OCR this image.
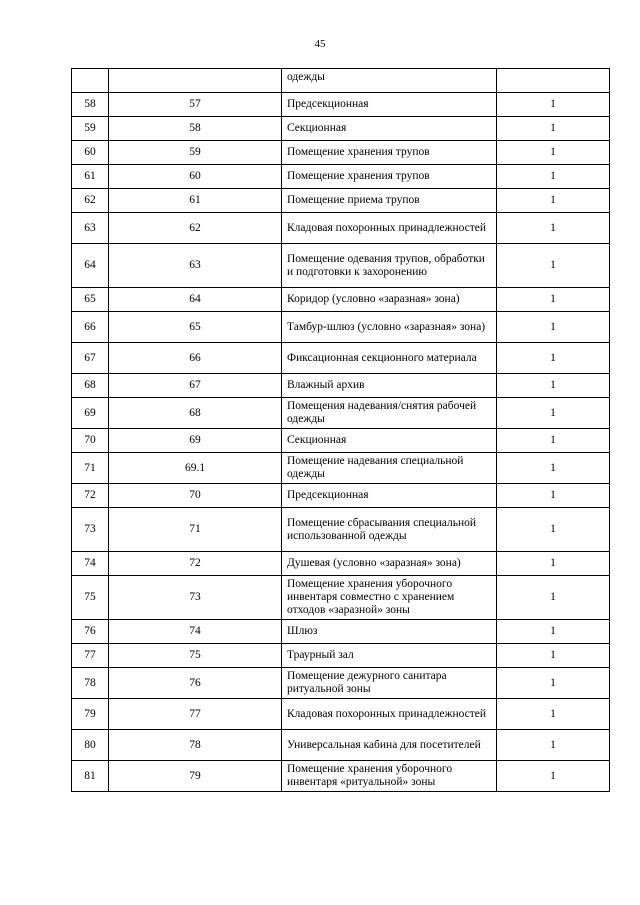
45
		одежды	
58	57	Предсекционная	1
59	58	Секционная	1
60	59	Помещение хранения трупов	1
61	60	Помещение хранения трупов	1
62	61	Помещение приема трупов	1
63	62	Кладовая похоронных принадлежностей	1
64	63	Помещение одевания трупов, обработки и подготовки к захоронению	1
65	64	Коридор (условно «заразная» зона)	1
66	65	Тамбур-шлюз (условно «заразная» зона)	1
67	66	Фиксационная секционного материала	1
68	67	Влажный архив	1
69	68	Помещения надевания/снятия рабочей одежды	1
70	69	Секционная	1
71	69.1	Помещение надевания специальной одежды	1
72	70	Предсекционная	1
73	71	Помещение сбрасывания специальной использованной одежды	1
74	72	Душевая (условно «заразная» зона)	1
75	73	Помещение хранения уборочного инвентаря совместно с хранением отходов «заразной» зоны	1
76	74	Шлюз	1
77	75	Траурный зал	1
78	76	Помещение дежурного санитара ритуальной зоны	1
79	77	Кладовая похоронных принадлежностей	1
80	78	Универсальная кабина для посетителей	1
81	79	Помещение хранения уборочного инвентаря «ритуальной» зоны	1
